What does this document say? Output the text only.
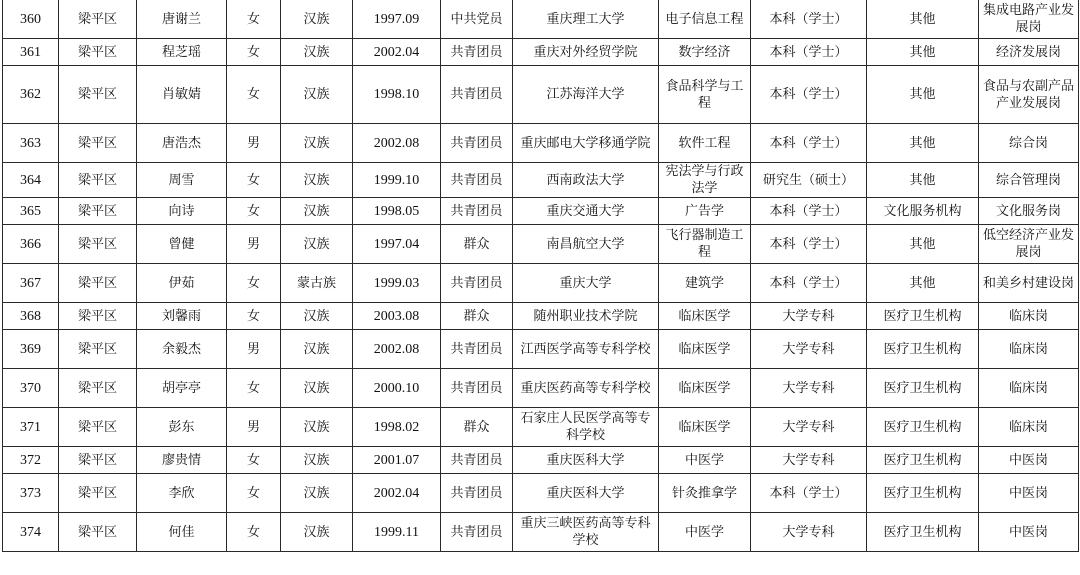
360	梁平区	唐谢兰	女	汉族	1997.09	中共党员	重庆理工大学	电子信息工程	本科（学士）	其他	集成电路产业发展岗
361	梁平区	程芝瑶	女	汉族	2002.04	共青团员	重庆对外经贸学院	数字经济	本科（学士）	其他	经济发展岗
362	梁平区	肖敏婧	女	汉族	1998.10	共青团员	江苏海洋大学	食品科学与工程	本科（学士）	其他	食品与农副产品产业发展岗
363	梁平区	唐浩杰	男	汉族	2002.08	共青团员	重庆邮电大学移通学院	软件工程	本科（学士）	其他	综合岗
364	梁平区	周雪	女	汉族	1999.10	共青团员	西南政法大学	宪法学与行政法学	研究生（硕士）	其他	综合管理岗
365	梁平区	向诗	女	汉族	1998.05	共青团员	重庆交通大学	广告学	本科（学士）	文化服务机构	文化服务岗
366	梁平区	曾健	男	汉族	1997.04	群众	南昌航空大学	飞行器制造工程	本科（学士）	其他	低空经济产业发展岗
367	梁平区	伊茹	女	蒙古族	1999.03	共青团员	重庆大学	建筑学	本科（学士）	其他	和美乡村建设岗
368	梁平区	刘馨雨	女	汉族	2003.08	群众	随州职业技术学院	临床医学	大学专科	医疗卫生机构	临床岗
369	梁平区	余毅杰	男	汉族	2002.08	共青团员	江西医学高等专科学校	临床医学	大学专科	医疗卫生机构	临床岗
370	梁平区	胡亭亭	女	汉族	2000.10	共青团员	重庆医药高等专科学校	临床医学	大学专科	医疗卫生机构	临床岗
371	梁平区	彭东	男	汉族	1998.02	群众	石家庄人民医学高等专科学校	临床医学	大学专科	医疗卫生机构	临床岗
372	梁平区	廖贵情	女	汉族	2001.07	共青团员	重庆医科大学	中医学	大学专科	医疗卫生机构	中医岗
373	梁平区	李欣	女	汉族	2002.04	共青团员	重庆医科大学	针灸推拿学	本科（学士）	医疗卫生机构	中医岗
374	梁平区	何佳	女	汉族	1999.11	共青团员	重庆三峡医药高等专科学校	中医学	大学专科	医疗卫生机构	中医岗
